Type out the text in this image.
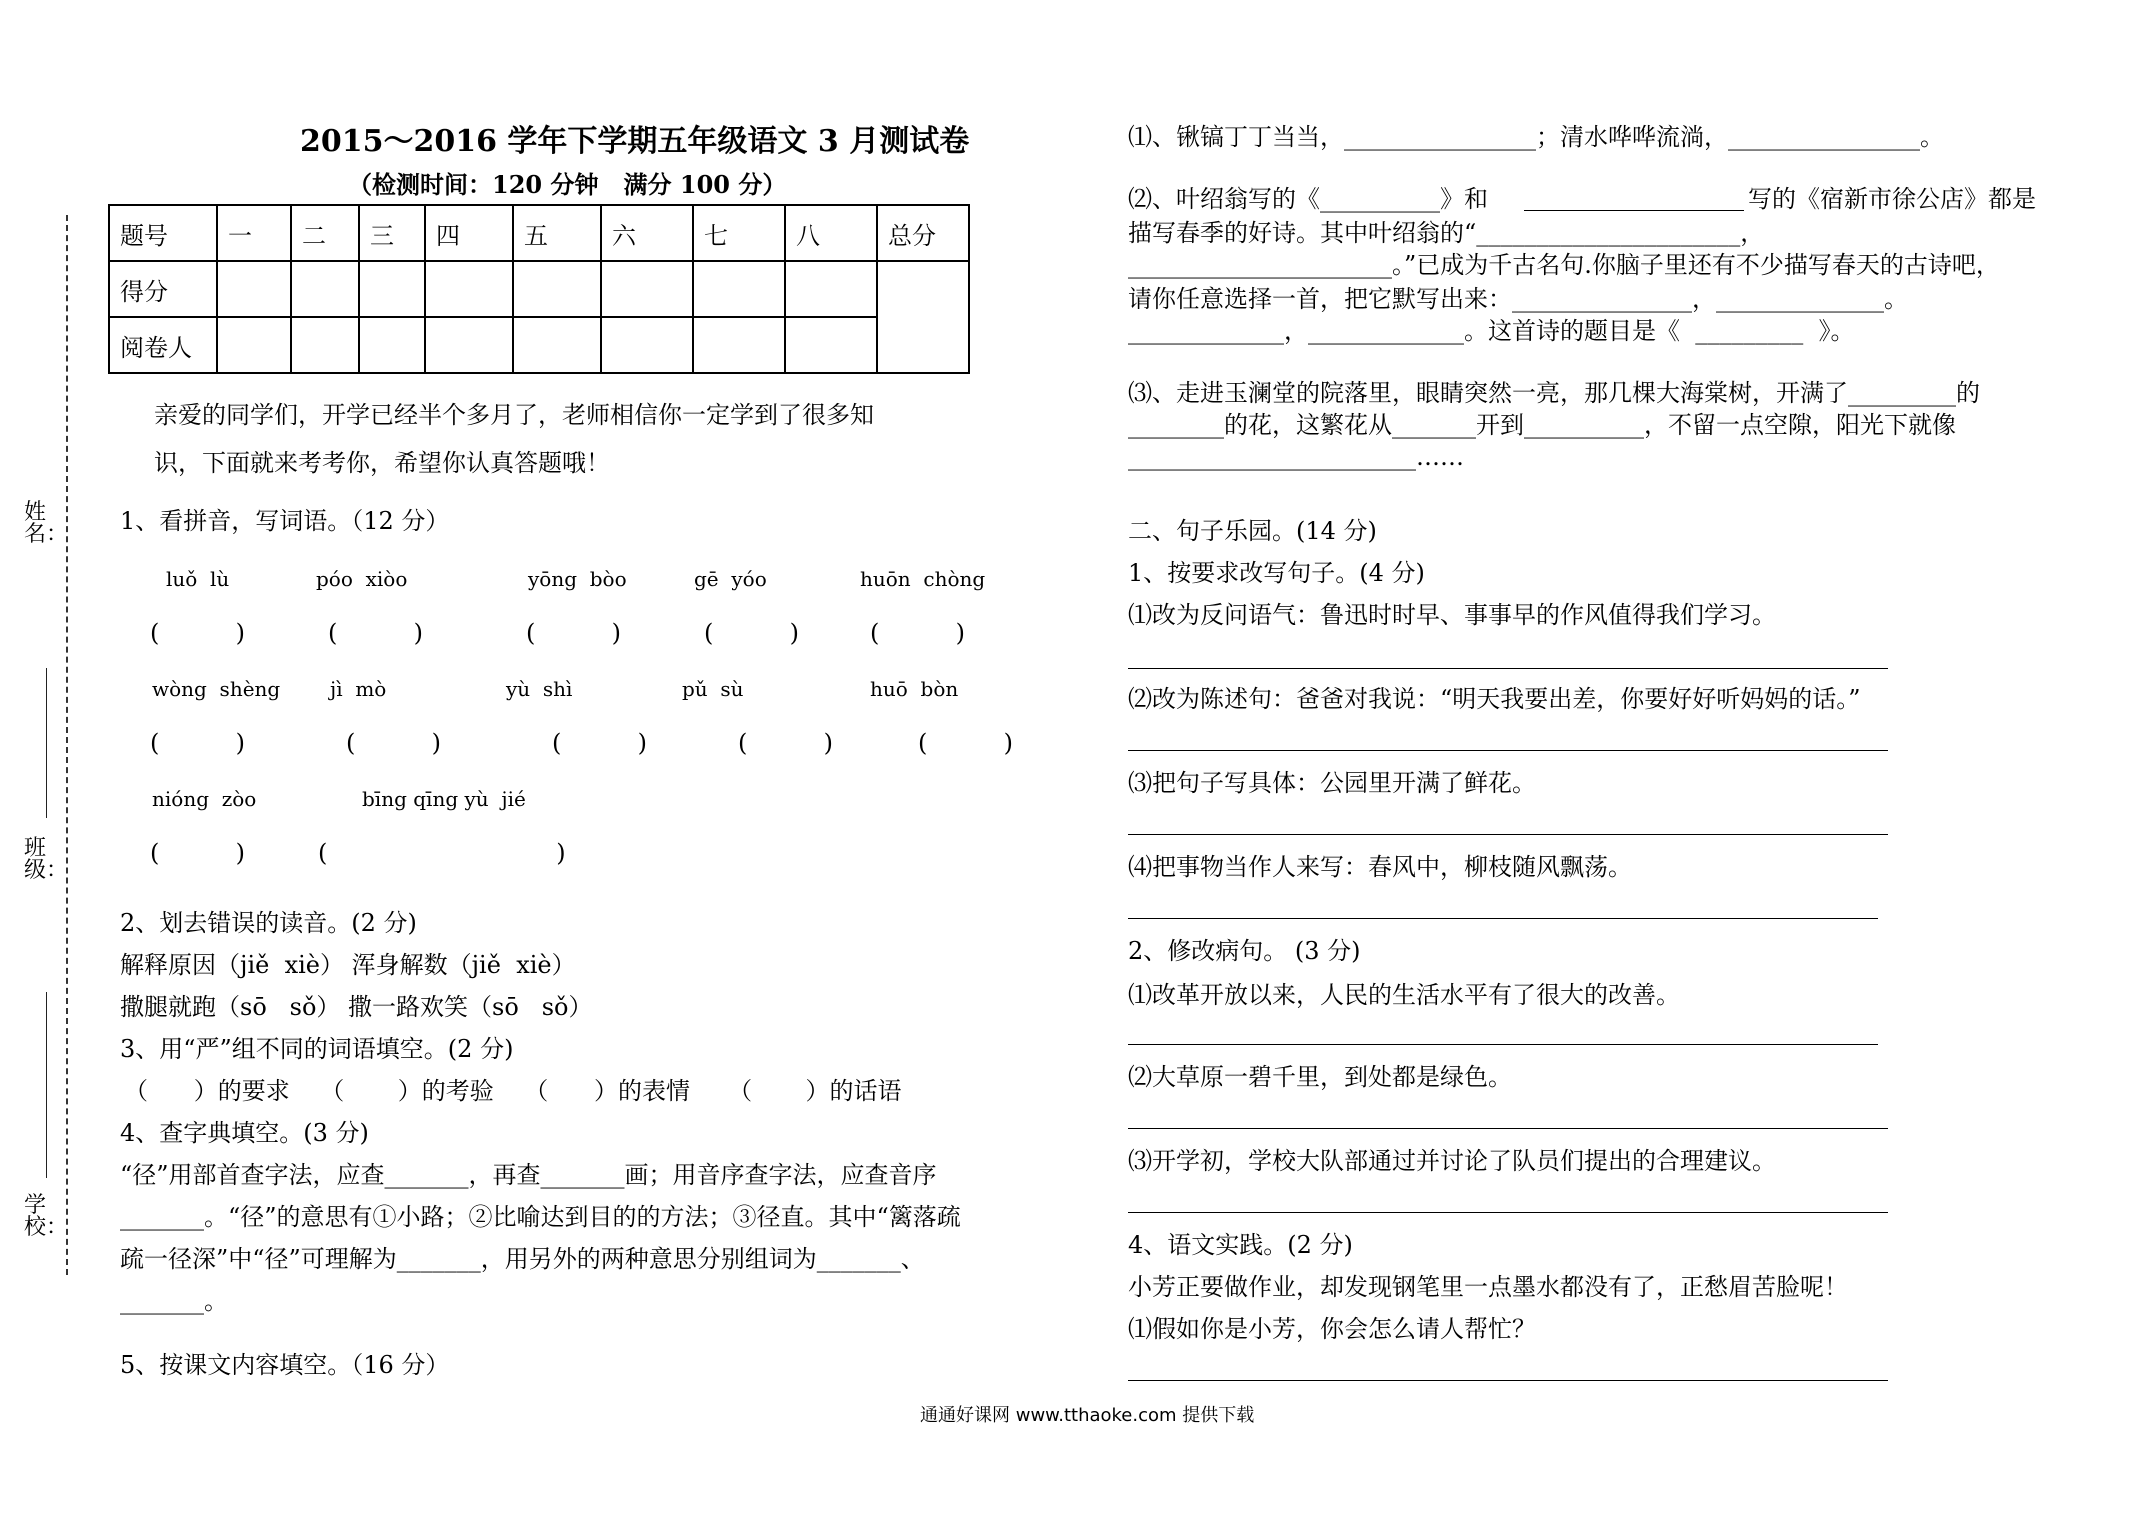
姓名：
班级：
学校：
2015～2016 学年下学期五年级语文 3 月测试卷
（检测时间：120 分钟   满分 100 分）
题号	一	二	三	四	五	六	七	八	总分
得分									
阅卷人									
亲爱的同学们，开学已经半个多月了，老师相信你一定学到了很多知
识，下面就来考考你，希望你认真答题哦！
1、看拼音，写词语。（12 分）
luǒ  lù	póo  xiòo	yōng  bòo	gē  yóo	huōn  chòng
(          )	(          )	(          )	(          )	(          )
wòng  shèng jì  mò	yù  shì	pǔ  sù	huō  bòn
(          )	(          )	(          )	(          )	(          )
nióng  zòo	bīng qīng yù  jié
(          )	(                              )
2、划去错误的读音。(2 分)
解释原因（jiě  xiè） 浑身解数（jiě  xiè）
撒腿就跑（sō   sǒ） 撒一路欢笑（sō   sǒ）
3、用“严”组不同的词语填空。(2 分)
（      ）的要求    （       ）的考验    （      ）的表情     （       ）的话语
4、查字典填空。(3 分)
“径”用部首查字法，应查_______，再查_______画；用音序查字法，应查音序
_______。“径”的意思有①小路；②比喻达到目的的方法；③径直。其中“篱落疏
疏一径深”中“径”可理解为_______，用另外的两种意思分别组词为_______、
_______。
5、按课文内容填空。（16 分）
⑴、锹镐丁丁当当，________________；清水哗哗流淌，________________。
⑵、叶绍翁写的《__________》和	写的《宿新市徐公店》都是
描写春季的好诗。其中叶绍翁的“______________________，
______________________。”已成为千古名句.你脑子里还有不少描写春天的古诗吧，
请你任意选择一首，把它默写出来：_______________，______________。
_____________，_____________。这首诗的题目是《  _________  》。
⑶、走进玉澜堂的院落里，眼睛突然一亮，那几棵大海棠树，开满了_________的
________的花，这繁花从_______开到__________，不留一点空隙，阳光下就像
________________________……
二、句子乐园。(14 分)
1、按要求改写句子。(4 分)
⑴改为反问语气：鲁迅时时早、事事早的作风值得我们学习。
⑵改为陈述句：爸爸对我说：“明天我要出差，你要好好听妈妈的话。”
⑶把句子写具体：公园里开满了鲜花。
⑷把事物当作人来写：春风中，柳枝随风飘荡。
2、修改病句。 (3 分)
⑴改革开放以来，人民的生活水平有了很大的改善。
⑵大草原一碧千里，到处都是绿色。
⑶开学初，学校大队部通过并讨论了队员们提出的合理建议。
4、语文实践。(2 分)
小芳正要做作业，却发现钢笔里一点墨水都没有了，正愁眉苦脸呢！
⑴假如你是小芳，你会怎么请人帮忙？
通通好课网 www.tthaoke.com 提供下载
